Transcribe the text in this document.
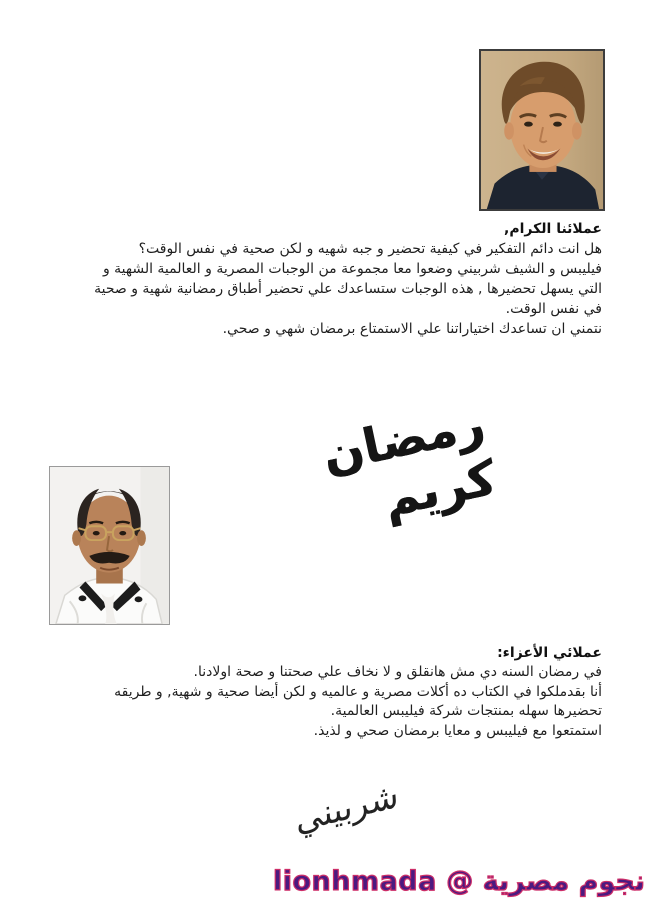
عملائنا الكرام,
هل انت دائم التفكير في كيفية تحضير و جبه شهيه و لكن صحية في نفس الوقت؟
فيليبس و الشيف شربيني وضعوا معا مجموعة من الوجبات المصرية و العالمية الشهية و
التي يسهل تحضيرها , هذه الوجبات ستساعدك علي تحضير أطباق رمضانية شهية و صحية
في نفس الوقت.
نتمني ان تساعدك اختياراتنا علي الاستمتاع برمضان شهي و صحي.
رمضان كريم
عملائي الأعزاء:
في رمضان السنه دي مش هانقلق و لا نخاف علي صحتنا و صحة اولادنا.
أنا بقدملكوا في الكتاب ده أكلات مصرية و عالميه و لكن أيضا صحية و شهية, و طريقه
تحضيرها سهله بمنتجات شركة فيليبس العالمية.
استمتعوا مع فيليبس و معايا برمضان صحي و لذيذ.
شربيني
نجوم مصرية @ lionhmada
